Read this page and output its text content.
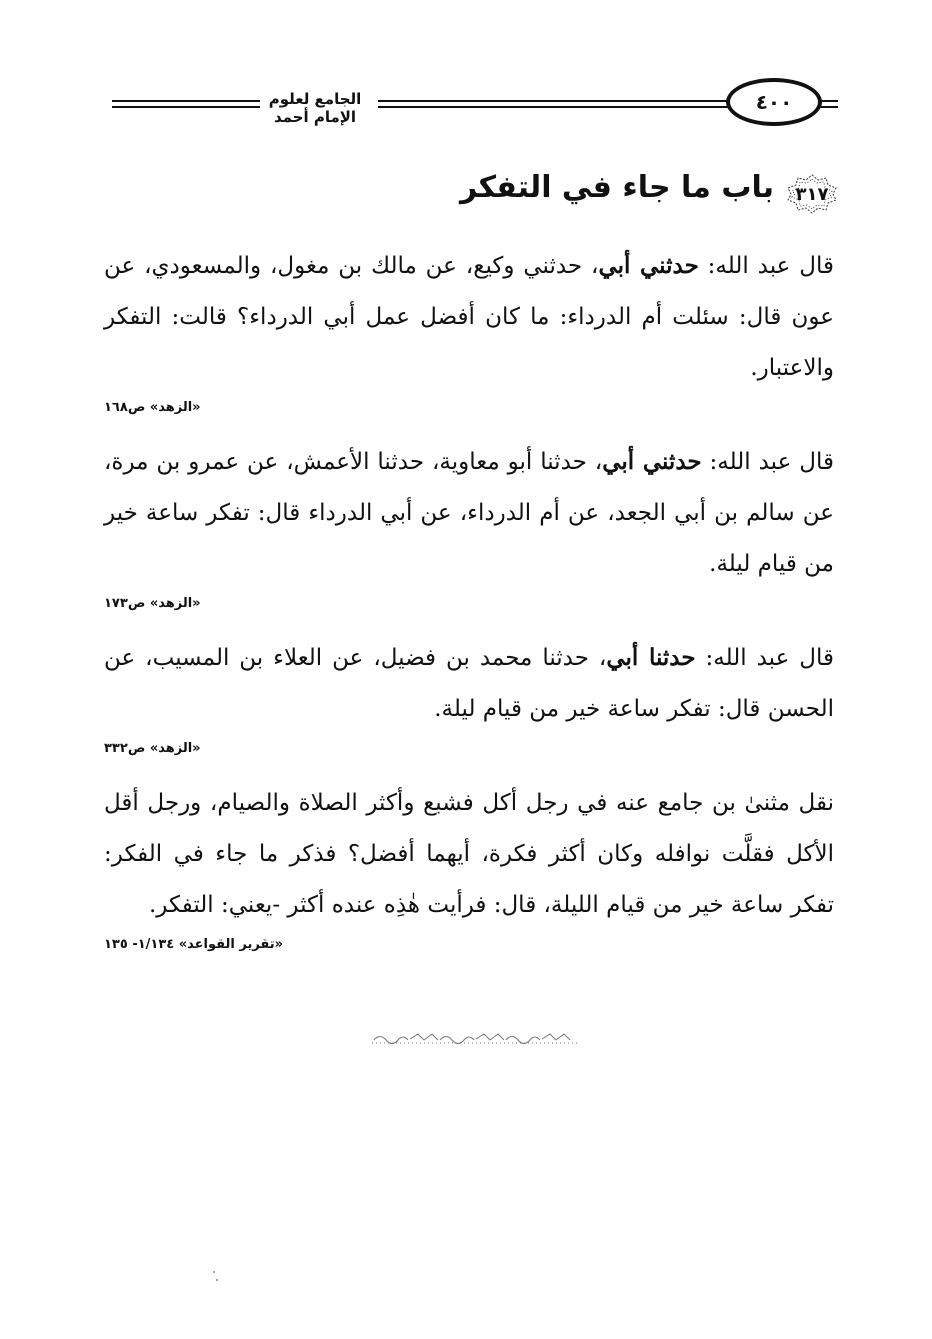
الجامع لعلوم الإمام أحمد
٤٠٠
٣١٧
باب ما جاء في التفكر

قال عبد الله: حدثني أبي، حدثني وكيع، عن مالك بن مغول، والمسعودي، عن عون قال: سئلت أم الدرداء: ما كان أفضل عمل أبي الدرداء؟ قالت: التفكر والاعتبار.

«الزهد» ص١٦٨

قال عبد الله: حدثني أبي، حدثنا أبو معاوية، حدثنا الأعمش، عن عمرو بن مرة، عن سالم بن أبي الجعد، عن أم الدرداء، عن أبي الدرداء قال: تفكر ساعة خير من قيام ليلة.

«الزهد» ص١٧٣

قال عبد الله: حدثنا أبي، حدثنا محمد بن فضيل، عن العلاء بن المسيب، عن الحسن قال: تفكر ساعة خير من قيام ليلة.

«الزهد» ص٣٣٢

نقل مثنىٰ بن جامع عنه في رجل أكل فشبع وأكثر الصلاة والصيام، ورجل أقل الأكل فقلَّت نوافله وكان أكثر فكرة، أيهما أفضل؟ فذكر ما جاء في الفكر: تفكر ساعة خير من قيام الليلة، قال: فرأيت هٰذِه عنده أكثر -يعني: التفكر.

«تقرير القواعد» ١/١٣٤- ١٣٥
